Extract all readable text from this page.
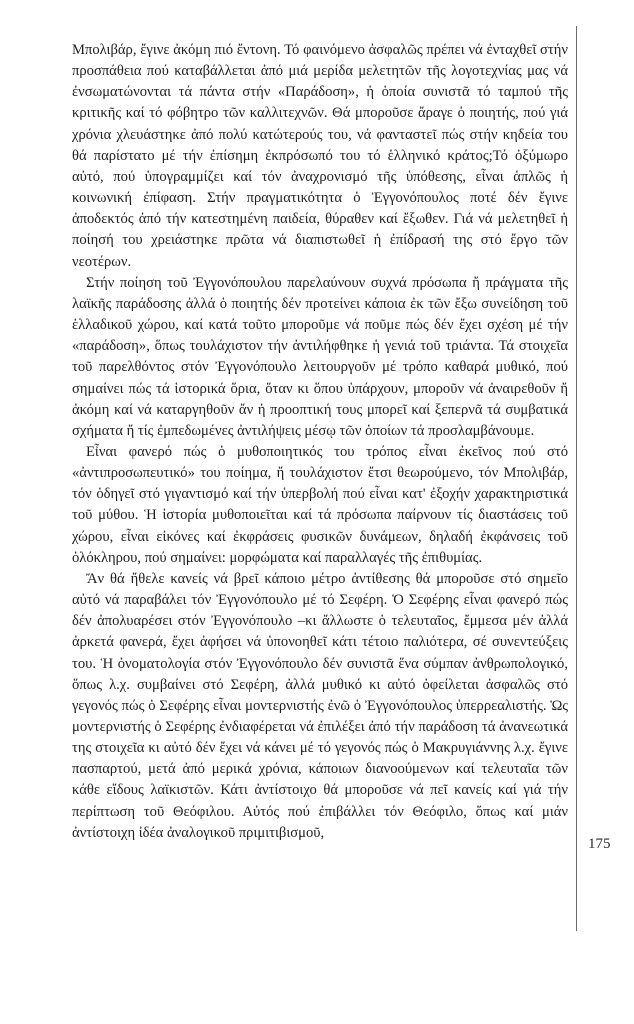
Μπολιβάρ, ἔγινε ἀκόμη πιό ἔντονη. Τό φαινόμενο ἀσφαλῶς πρέπει νά ἐνταχθεῖ στήν προσπάθεια πού καταβάλλεται ἀπό μιά μερίδα μελετητῶν τῆς λογοτεχνίας μας νά ἐνσωματώνονται τά πάντα στήν «Παράδοση», ἡ ὁποία συνιστᾶ τό ταμπού τῆς κριτικῆς καί τό φόβητρο τῶν καλλιτεχνῶν. Θά μποροῦσε ἄραγε ὁ ποιητής, πού γιά χρόνια χλευάστηκε ἀπό πολύ κατώτερούς του, νά φανταστεῖ πώς στήν κηδεία του θά παρίστατο μέ τήν ἐπίσημη ἐκπρόσωπό του τό ἑλληνικό κράτος;Τό ὀξύμωρο αὐτό, πού ὑπογραμμίζει καί τόν ἀναχρονισμό τῆς ὑπόθεσης, εἶναι ἁπλῶς ἡ κοινωνική ἐπίφαση. Στήν πραγματικότητα ὁ Ἐγγονόπουλος ποτέ δέν ἔγινε ἀποδεκτός ἀπό τήν κατεστημένη παιδεία, θύραθεν καί ἔξωθεν. Γιά νά μελετηθεῖ ἡ ποίησή του χρειάστηκε πρῶτα νά διαπιστωθεῖ ἡ ἐπίδρασή της στό ἔργο τῶν νεοτέρων.

Στήν ποίηση τοῦ Ἐγγονόπουλου παρελαύνουν συχνά πρόσωπα ἤ πράγματα τῆς λαϊκῆς παράδοσης ἀλλά ὁ ποιητής δέν προτείνει κάποια ἐκ τῶν ἔξω συνείδηση τοῦ ἑλλαδικοῦ χώρου, καί κατά τοῦτο μποροῦμε νά ποῦμε πώς δέν ἔχει σχέση μέ τήν «παράδοση», ὅπως τουλάχιστον τήν ἀντιλήφθηκε ἡ γενιά τοῦ τριάντα. Τά στοιχεῖα τοῦ παρελθόντος στόν Ἐγγονόπουλο λειτουργοῦν μέ τρόπο καθαρά μυθικό, πού σημαίνει πώς τά ἱστορικά ὅρια, ὅταν κι ὅπου ὑπάρχουν, μποροῦν νά ἀναιρεθοῦν ἤ ἀκόμη καί νά καταργηθοῦν ἄν ἡ προοπτική τους μπορεῖ καί ξεπερνᾶ τά συμβατικά σχήματα ἤ τίς ἐμπεδωμένες ἀντιλήψεις μέσῳ τῶν ὁποίων τά προσλαμβάνουμε.

Εἶναι φανερό πώς ὁ μυθοποιητικός του τρόπος εἶναι ἐκεῖνος πού στό «ἀντιπροσωπευτικό» του ποίημα, ἤ τουλάχιστον ἔτσι θεωρούμενο, τόν Μπολιβάρ, τόν ὁδηγεῖ στό γιγαντισμό καί τήν ὑπερβολή πού εἶναι κατ' ἐξοχήν χαρακτηριστικά τοῦ μύθου. Ἡ ἱστορία μυθοποιεῖται καί τά πρόσωπα παίρνουν τίς διαστάσεις τοῦ χώρου, εἶναι εἰκόνες καί ἐκφράσεις φυσικῶν δυνάμεων, δηλαδή ἐκφάνσεις τοῦ ὁλόκληρου, πού σημαίνει: μορφώματα καί παραλλαγές τῆς ἐπιθυμίας.

Ἄν θά ἤθελε κανείς νά βρεῖ κάποιο μέτρο ἀντίθεσης θά μποροῦσε στό σημεῖο αὐτό νά παραβάλει τόν Ἐγγονόπουλο μέ τό Σεφέρη. Ὁ Σεφέρης εἶναι φανερό πώς δέν ἀπολυαρέσει στόν Ἐγγονόπουλο –κι ἄλλωστε ὁ τελευταῖος, ἔμμεσα μέν ἀλλά ἀρκετά φανερά, ἔχει ἀφήσει νά ὑπονοηθεῖ κάτι τέτοιο παλιότερα, σέ συνεντεύξεις του. Ἡ ὀνοματολογία στόν Ἐγγονόπουλο δέν συνιστᾶ ἕνα σύμπαν ἀνθρωπολογικό, ὅπως λ.χ. συμβαίνει στό Σεφέρη, ἀλλά μυθικό κι αὐτό ὀφείλεται ἀσφαλῶς στό γεγονός πώς ὁ Σεφέρης εἶναι μοντερνιστής ἐνῶ ὁ Ἐγγονόπουλος ὑπερρεαλιστής. Ὡς μοντερνιστής ὁ Σεφέρης ἐνδιαφέρεται νά ἐπιλέξει ἀπό τήν παράδοση τά ἀνανεωτικά της στοιχεῖα κι αὐτό δέν ἔχει νά κάνει μέ τό γεγονός πώς ὁ Μακρυγιάννης λ.χ. ἔγινε πασπαρτού, μετά ἀπό μερικά χρόνια, κάποιων διανοούμενων καί τελευταῖα τῶν κάθε εἴδους λαϊκιστῶν. Κάτι ἀντίστοιχο θά μποροῦσε νά πεῖ κανείς καί γιά τήν περίπτωση τοῦ Θεόφιλου. Αὐτός πού ἐπιβάλλει τόν Θεόφιλο, ὅπως καί μιάν ἀντίστοιχη ἰδέα ἀναλογικοῦ πριμιτιβισμοῦ,

175
